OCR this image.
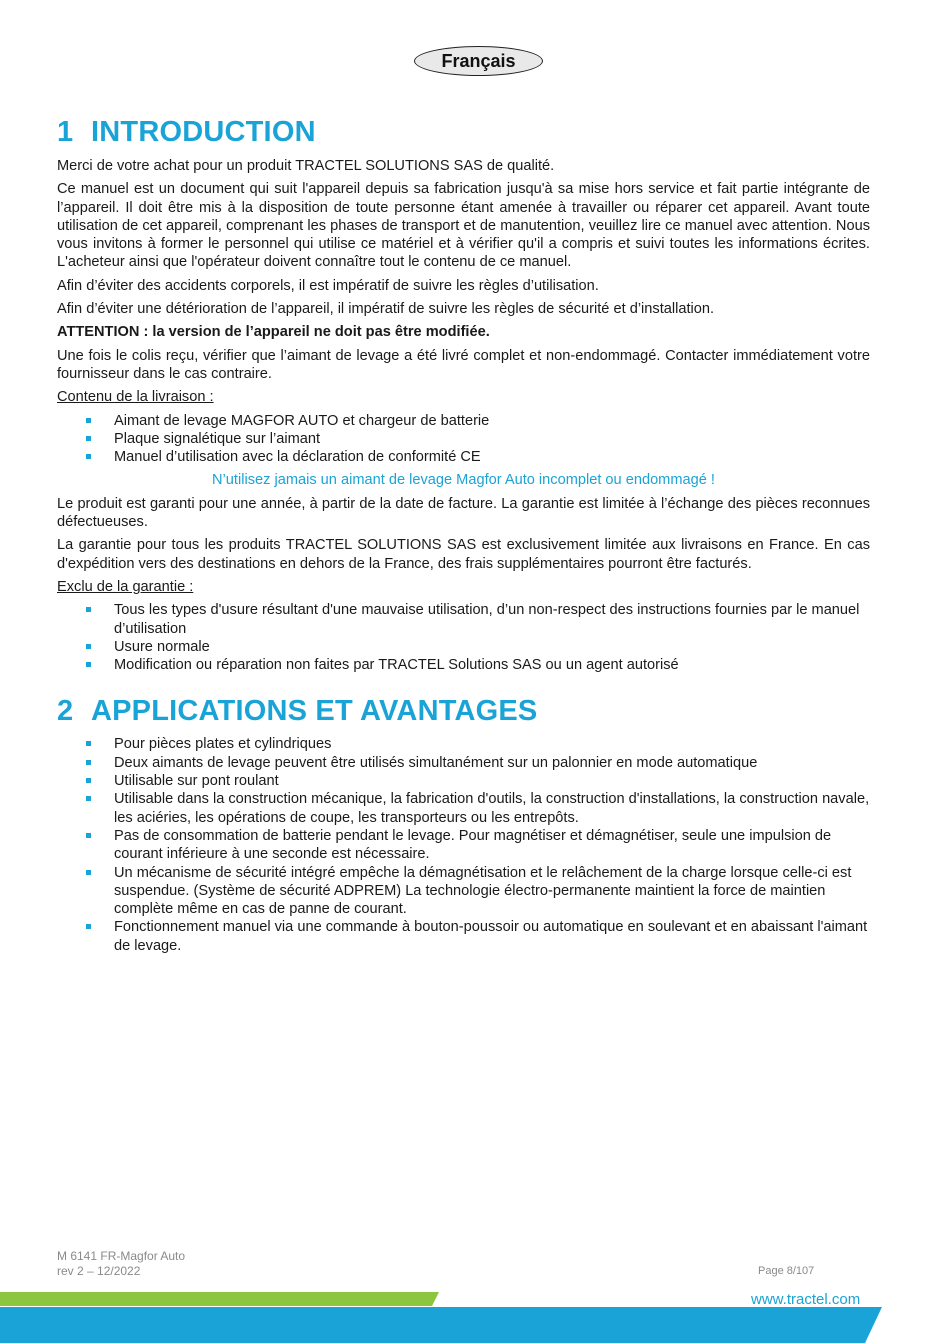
Français
1 INTRODUCTION

Merci de votre achat pour un produit TRACTEL SOLUTIONS SAS de qualité.

Ce manuel est un document qui suit l'appareil depuis sa fabrication jusqu'à sa mise hors service et fait partie intégrante de l’appareil. Il doit être mis à la disposition de toute personne étant amenée à travailler ou réparer cet appareil. Avant toute utilisation de cet appareil, comprenant les phases de transport et de manutention, veuillez lire ce manuel avec attention. Nous vous invitons à former le personnel qui utilise ce matériel et à vérifier qu'il a compris et suivi toutes les informations écrites. L'acheteur ainsi que l'opérateur doivent connaître tout le contenu de ce manuel.

Afin d’éviter des accidents corporels, il est impératif de suivre les règles d’utilisation.

Afin d’éviter une détérioration de l’appareil, il impératif de suivre les règles de sécurité et d’installation.

ATTENTION : la version de l’appareil ne doit pas être modifiée.

Une fois le colis reçu, vérifier que l’aimant de levage a été livré complet et non-endommagé. Contacter immédiatement votre fournisseur dans le cas contraire.

Contenu de la livraison :

Aimant de levage MAGFOR AUTO et chargeur de batterie
Plaque signalétique sur l’aimant
Manuel d’utilisation avec la déclaration de conformité CE

N’utilisez jamais un aimant de levage Magfor Auto incomplet ou endommagé !

Le produit est garanti pour une année, à partir de la date de facture. La garantie est limitée à l’échange des pièces reconnues défectueuses.

La garantie pour tous les produits TRACTEL SOLUTIONS SAS est exclusivement limitée aux livraisons en France. En cas d'expédition vers des destinations en dehors de la France, des frais supplémentaires pourront être facturés.

Exclu de la garantie :

Tous les types d'usure résultant d'une mauvaise utilisation, d’un non-respect des instructions fournies par le manuel d’utilisation
Usure normale
Modification ou réparation non faites par TRACTEL Solutions SAS ou un agent autorisé
2 APPLICATIONS ET AVANTAGES
Pour pièces plates et cylindriques
Deux aimants de levage peuvent être utilisés simultanément sur un palonnier en mode automatique
Utilisable sur pont roulant
Utilisable dans la construction mécanique, la fabrication d'outils, la construction d'installations, la construction navale, les aciéries, les opérations de coupe, les transporteurs ou les entrepôts.
Pas de consommation de batterie pendant le levage. Pour magnétiser et démagnétiser, seule une impulsion de courant inférieure à une seconde est nécessaire.
Un mécanisme de sécurité intégré empêche la démagnétisation et le relâchement de la charge lorsque celle-ci est suspendue. (Système de sécurité ADPREM) La technologie électro-permanente maintient la force de maintien complète même en cas de panne de courant.
Fonctionnement manuel via une commande à bouton-poussoir ou automatique en soulevant et en abaissant l'aimant de levage.
M 6141 FR-Magfor Auto
rev 2 – 12/2022	Page 8/107
www.tractel.com
